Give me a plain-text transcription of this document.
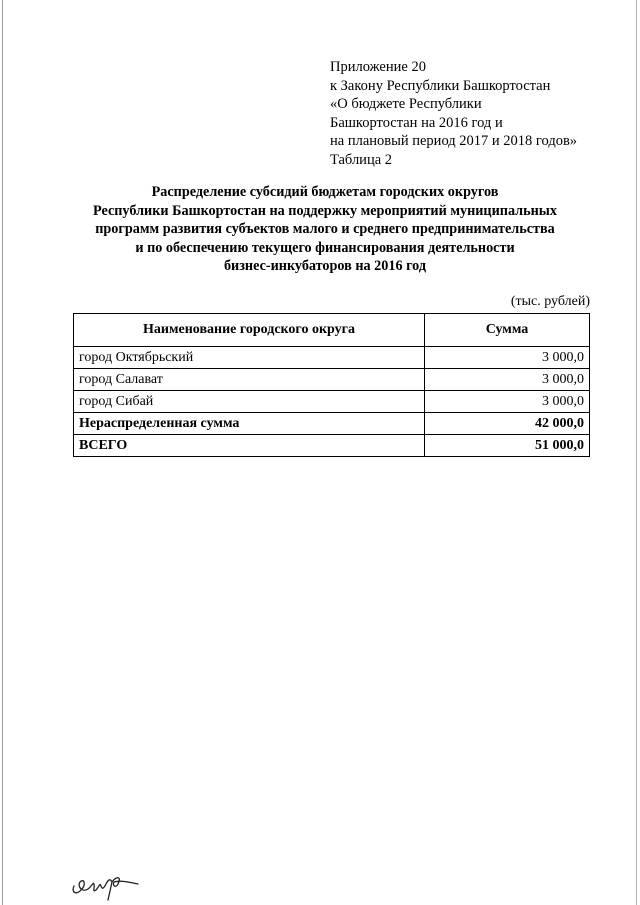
Приложение 20
к Закону Республики Башкортостан
«О бюджете Республики
Башкортостан на 2016 год и
на плановый период 2017 и 2018 годов»
Таблица 2
Распределение субсидий бюджетам городских округов
Республики Башкортостан на поддержку мероприятий муниципальных
программ развития субъектов малого и среднего предпринимательства
и по обеспечению текущего финансирования деятельности
бизнес-инкубаторов на 2016 год
(тыс. рублей)
Наименование городского округа	Сумма
город Октябрьский	3 000,0
город Салават	3 000,0
город Сибай	3 000,0
Нераспределенная сумма	42 000,0
ВСЕГО	51 000,0
